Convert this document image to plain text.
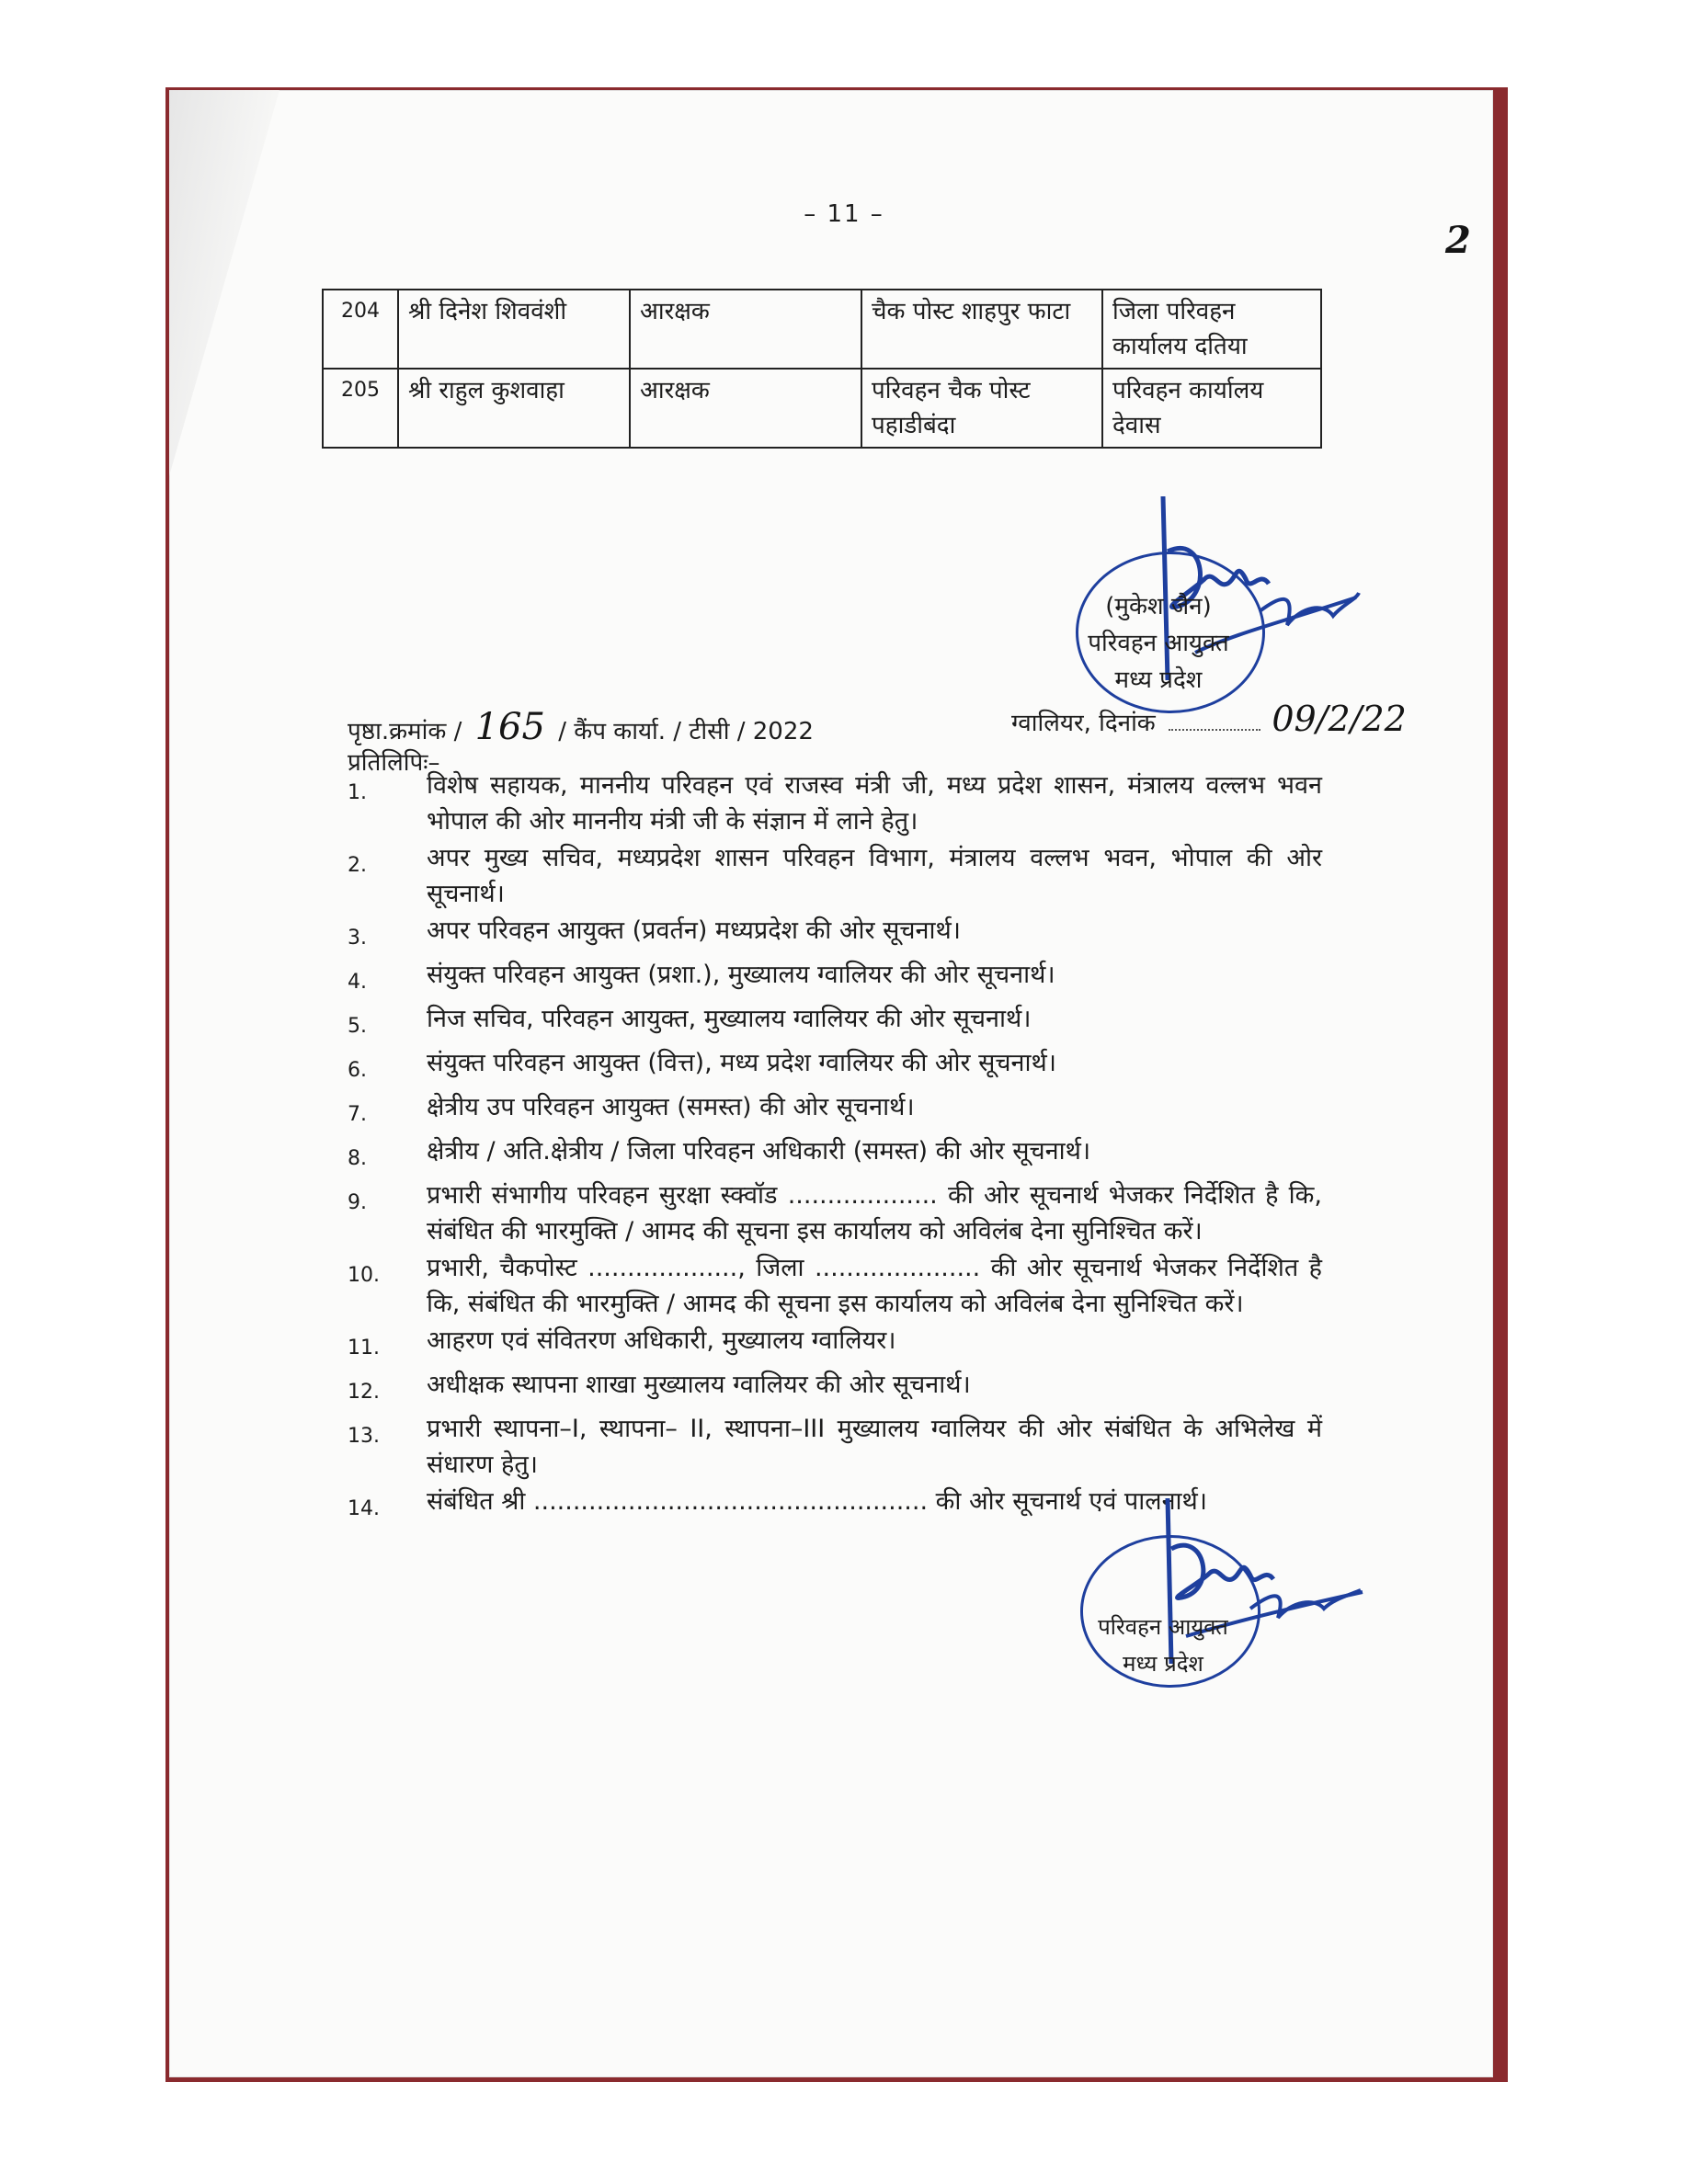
– 11 –
2
204	श्री दिनेश शिववंशी	आरक्षक	चैक पोस्ट शाहपुर फाटा	जिला परिवहन कार्यालय दतिया
205	श्री राहुल कुशवाहा	आरक्षक	परिवहन चैक पोस्ट पहाडीबंदा	परिवहन कार्यालय देवास
(मुकेश जैन)
परिवहन आयुक्त
मध्य प्रदेश
पृष्ठा.क्रमांक / 165 / कैंप कार्या. / टीसी / 2022	ग्वालियर, दिनांक	09/2/22
प्रतिलिपिः–
1.	विशेष सहायक, माननीय परिवहन एवं राजस्व मंत्री जी, मध्य प्रदेश शासन, मंत्रालय वल्लभ भवन भोपाल की ओर माननीय मंत्री जी के संज्ञान में लाने हेतु।
2.	अपर मुख्य सचिव, मध्यप्रदेश शासन परिवहन विभाग, मंत्रालय वल्लभ भवन, भोपाल की ओर सूचनार्थ।
3.	अपर परिवहन आयुक्त (प्रवर्तन) मध्यप्रदेश की ओर सूचनार्थ।
4.	संयुक्त परिवहन आयुक्त (प्रशा.), मुख्यालय ग्वालियर की ओर सूचनार्थ।
5.	निज सचिव, परिवहन आयुक्त, मुख्यालय ग्वालियर की ओर सूचनार्थ।
6.	संयुक्त परिवहन आयुक्त (वित्त), मध्य प्रदेश ग्वालियर की ओर सूचनार्थ।
7.	क्षेत्रीय उप परिवहन आयुक्त (समस्त) की ओर सूचनार्थ।
8.	क्षेत्रीय / अति.क्षेत्रीय / जिला परिवहन अधिकारी (समस्त) की ओर सूचनार्थ।
9.	प्रभारी संभागीय परिवहन सुरक्षा स्क्वॉड ................... की ओर सूचनार्थ भेजकर निर्देशित है कि, संबंधित की भारमुक्ति / आमद की सूचना इस कार्यालय को अविलंब देना सुनिश्चित करें।
10.	प्रभारी, चैकपोस्ट ..................., जिला ..................... की ओर सूचनार्थ भेजकर निर्देशित है कि, संबंधित की भारमुक्ति / आमद की सूचना इस कार्यालय को अविलंब देना सुनिश्चित करें।
11.	आहरण एवं संवितरण अधिकारी, मुख्यालय ग्वालियर।
12.	अधीक्षक स्थापना शाखा मुख्यालय ग्वालियर की ओर सूचनार्थ।
13.	प्रभारी स्थापना–I, स्थापना– II, स्थापना–III मुख्यालय ग्वालियर की ओर संबंधित के अभिलेख में संधारण हेतु।
14.	संबंधित श्री .................................................. की ओर सूचनार्थ एवं पालनार्थ।
परिवहन आयुक्त
मध्य प्रदेश
